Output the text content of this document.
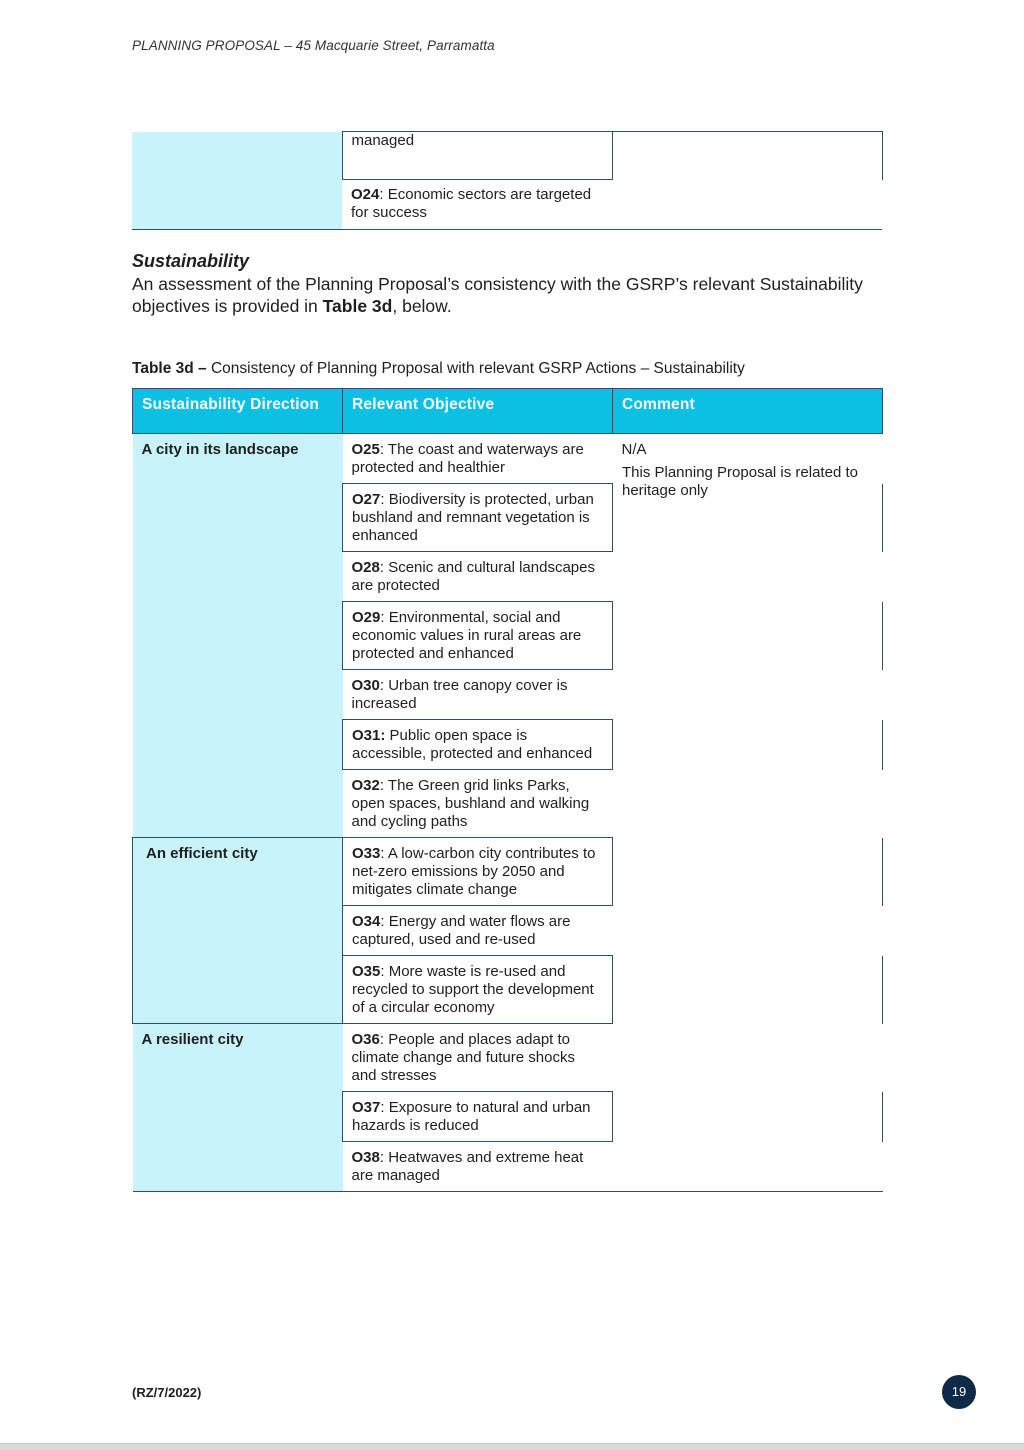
PLANNING PROPOSAL – 45 Macquarie Street, Parramatta
	managed	
	O24: Economic sectors are targeted for success	
Sustainability
An assessment of the Planning Proposal’s consistency with the GSRP’s relevant Sustainability objectives is provided in Table 3d, below.
Table 3d – Consistency of Planning Proposal with relevant GSRP Actions – Sustainability
Sustainability Direction	Relevant Objective	Comment
A city in its landscape	O25: The coast and waterways are protected and healthier	N/A

	O27: Biodiversity is protected, urban bushland and remnant vegetation is enhanced	This Planning Proposal is related to heritage only

	O28: Scenic and cultural landscapes are protected	
	O29: Environmental, social and economic values in rural areas are protected and enhanced	
	O30: Urban tree canopy cover is increased	
	O31: Public open space is accessible, protected and enhanced	
	O32: The Green grid links Parks, open spaces, bushland and walking and cycling paths	
An efficient city	O33: A low-carbon city contributes to net-zero emissions by 2050 and mitigates climate change	
	O34: Energy and water flows are captured, used and re-used	
	O35: More waste is re-used and recycled to support the development of a circular economy	
A resilient city	O36: People and places adapt to climate change and future shocks and stresses	
	O37: Exposure to natural and urban hazards is reduced	
	O38: Heatwaves and extreme heat are managed	
(RZ/7/2022)	19
